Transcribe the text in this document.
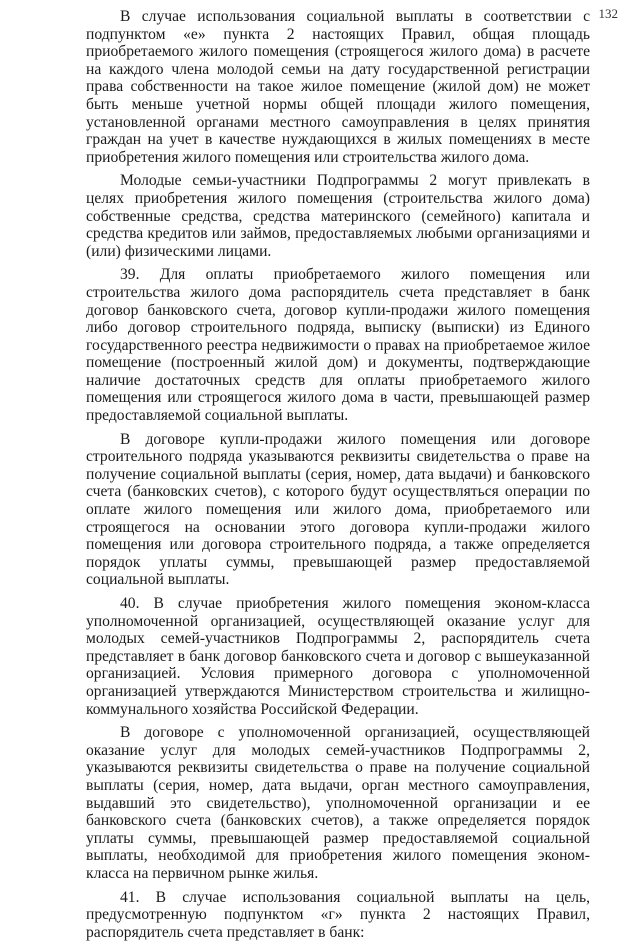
132

В случае использования социальной выплаты в соответствии с подпунктом «е» пункта 2 настоящих Правил, общая площадь приобретаемого жилого помещения (строящегося жилого дома) в расчете на каждого члена молодой семьи на дату государственной регистрации права собственности на такое жилое помещение (жилой дом) не может быть меньше учетной нормы общей площади жилого помещения, установленной органами местного самоуправления в целях принятия граждан на учет в качестве нуждающихся в жилых помещениях в месте приобретения жилого помещения или строительства жилого дома.

Молодые семьи-участники Подпрограммы 2 могут привлекать в целях приобретения жилого помещения (строительства жилого дома) собственные средства, средства материнского (семейного) капитала и средства кредитов или займов, предоставляемых любыми организациями и (или) физическими лицами.

39. Для оплаты приобретаемого жилого помещения или строительства жилого дома распорядитель счета представляет в банк договор банковского счета, договор купли-продажи жилого помещения либо договор строительного подряда, выписку (выписки) из Единого государственного реестра недвижимости о правах на приобретаемое жилое помещение (построенный жилой дом) и документы, подтверждающие наличие достаточных средств для оплаты приобретаемого жилого помещения или строящегося жилого дома в части, превышающей размер предоставляемой социальной выплаты.

В договоре купли-продажи жилого помещения или договоре строительного подряда указываются реквизиты свидетельства о праве на получение социальной выплаты (серия, номер, дата выдачи) и банковского счета (банковских счетов), с которого будут осуществляться операции по оплате жилого помещения или жилого дома, приобретаемого или строящегося на основании этого договора купли-продажи жилого помещения или договора строительного подряда, а также определяется порядок уплаты суммы, превышающей размер предоставляемой социальной выплаты.

40. В случае приобретения жилого помещения эконом-класса уполномоченной организацией, осуществляющей оказание услуг для молодых семей-участников Подпрограммы 2, распорядитель счета представляет в банк договор банковского счета и договор с вышеуказанной организацией. Условия примерного договора с уполномоченной организацией утверждаются Министерством строительства и жилищно-коммунального хозяйства Российской Федерации.

В договоре с уполномоченной организацией, осуществляющей оказание услуг для молодых семей-участников Подпрограммы 2, указываются реквизиты свидетельства о праве на получение социальной выплаты (серия, номер, дата выдачи, орган местного самоуправления, выдавший это свидетельство), уполномоченной организации и ее банковского счета (банковских счетов), а также определяется порядок уплаты суммы, превышающей размер предоставляемой социальной выплаты, необходимой для приобретения жилого помещения эконом-класса на первичном рынке жилья.

41. В случае использования социальной выплаты на цель, предусмотренную подпунктом «г» пункта 2 настоящих Правил, распорядитель счета представляет в банк:
